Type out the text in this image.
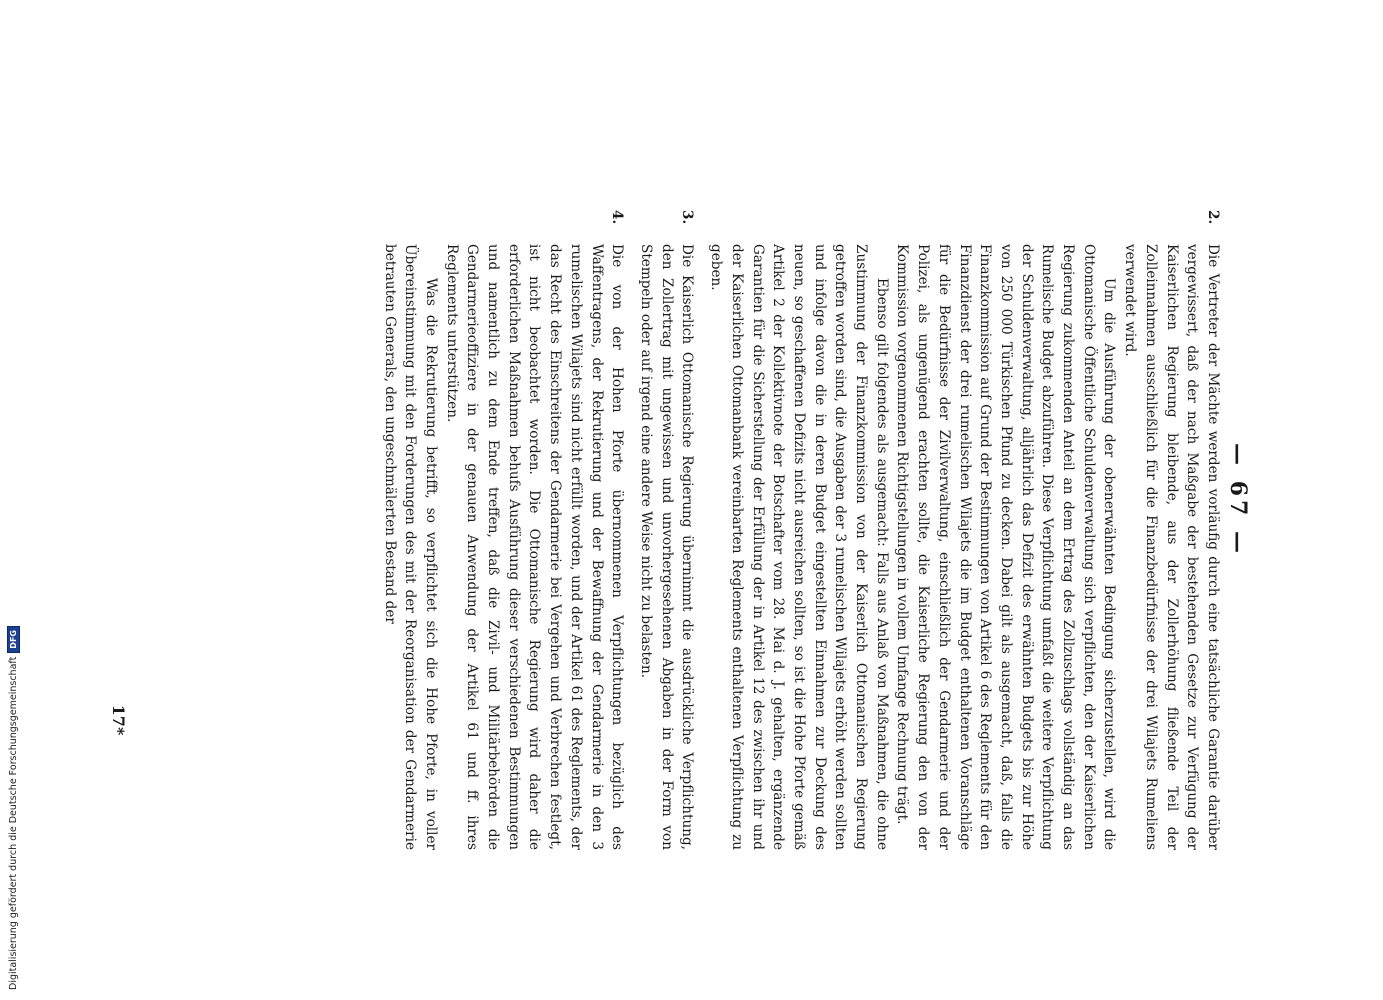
— 67 —
2.

Die Vertreter der Mächte werden vorläufig durch eine tatsächliche Garantie darüber vergewissert, daß der nach Maßgabe der bestehenden Gesetze zur Verfügung der Kaiserlichen Regierung bleibende, aus der Zollerhöhung fließende Teil der Zolleinnahmen ausschließlich für die Finanzbedürfnisse der drei Wilajets Rumeliens verwendet wird.

Um die Ausführung der obenerwähnten Bedingung sicherzustellen, wird die Ottomanische Öffentliche Schuldenverwaltung sich verpflichten, den der Kaiserlichen Regierung zukommenden Anteil an dem Ertrag des Zollzuschlags vollständig an das Rumelische Budget abzuführen. Diese Verpflichtung umfaßt die weitere Verpflichtung der Schuldenverwaltung, alljährlich das Defizit des erwähnten Budgets bis zur Höhe von 250 000 Türkischen Pfund zu decken. Dabei gilt als ausgemacht, daß, falls die Finanzkommission auf Grund der Bestimmungen von Artikel 6 des Reglements für den Finanzdienst der drei rumelischen Wilajets die im Budget enthaltenen Voranschläge für die Bedürfnisse der Zivilverwaltung, einschließlich der Gendarmerie und der Polizei, als ungenügend erachten sollte, die Kaiserliche Regierung den von der Kommission vorgenommenen Richtigstellungen in vollem Umfange Rechnung trägt.

Ebenso gilt folgendes als ausgemacht: Falls aus Anlaß von Maßnahmen, die ohne Zustimmung der Finanzkommission von der Kaiserlich Ottomanischen Regierung getroffen worden sind, die Ausgaben der 3 rumelischen Wilajets erhöht werden sollten und infolge davon die in deren Budget eingestellten Einnahmen zur Deckung des neuen, so geschaffenen Defizits nicht ausreichen sollten, so ist die Hohe Pforte gemäß Artikel 2 der Kollektivnote der Botschafter vom 28. Mai d. J. gehalten, ergänzende Garantien für die Sicherstellung der Erfüllung der in Artikel 12 des zwischen ihr und der Kaiserlichen Ottomanbank vereinbarten Reglements enthaltenen Verpflichtung zu geben.

3.

Die Kaiserlich Ottomanische Regierung übernimmt die ausdrückliche Verpflichtung, den Zollertrag mit ungewissen und unvorhergesehenen Abgaben in der Form von Stempeln oder auf irgend eine andere Weise nicht zu belasten.

4.

Die von der Hohen Pforte übernommenen Verpflichtungen bezüglich des Waffentragens, der Rekrutierung und der Bewaffnung der Gendarmerie in den 3 rumelischen Wilajets sind nicht erfüllt worden, und der Artikel 61 des Reglements, der das Recht des Einschreitens der Gendarmerie bei Vergehen und Verbrechen festlegt, ist nicht beobachtet worden. Die Ottomanische Regierung wird daher die erforderlichen Maßnahmen behufs Ausführung dieser verschiedenen Bestimmungen und namentlich zu dem Ende treffen, daß die Zivil- und Militärbehörden die Gendarmerieoffiziere in der genauen Anwendung der Artikel 61 und ff. ihres Reglements unterstützen.

Was die Rekrutierung betrifft, so verpflichtet sich die Hohe Pforte, in voller Übereinstimmung mit den Forderungen des mit der Reorganisation der Gendarmerie betrauten Generals, den ungeschmälerten Bestand der

17*
Digitalisierung gefördert durch die Deutsche Forschungsgemeinschaft
DFG
